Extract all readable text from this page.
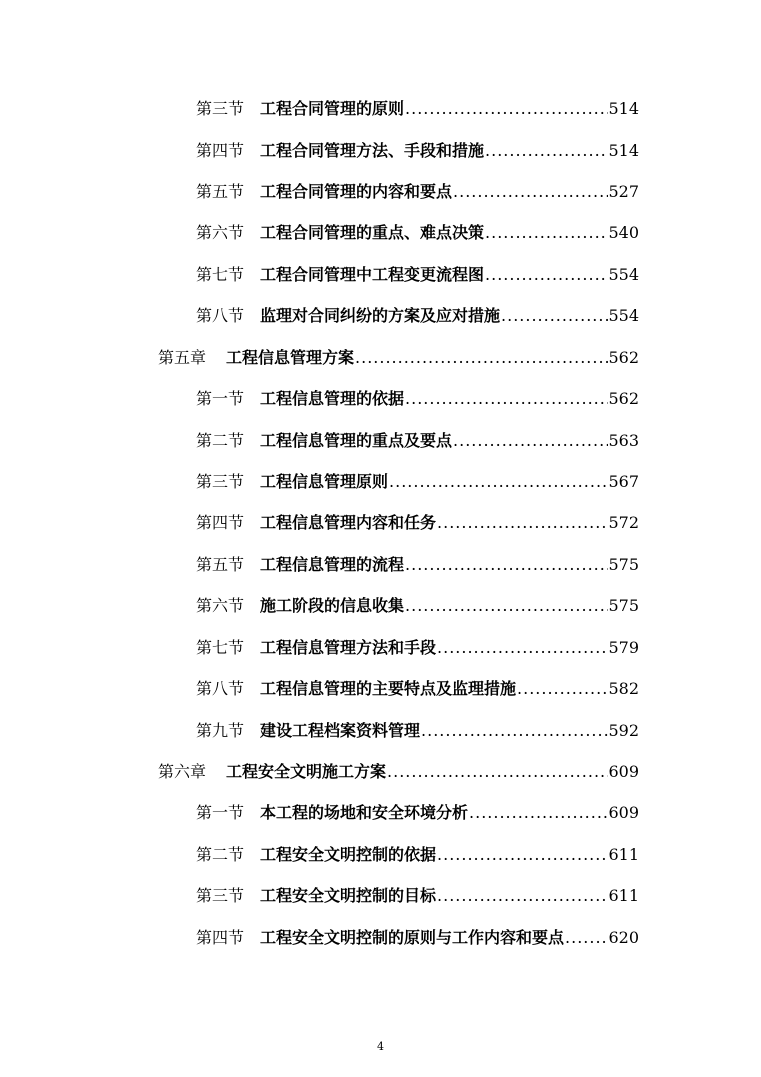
第三节 工程合同管理的原则 .....	514
第四节 工程合同管理方法、手段和措施 .....	514
第五节 工程合同管理的内容和要点 .....	527
第六节 工程合同管理的重点、难点决策 .....	540
第七节 工程合同管理中工程变更流程图 .....	554
第八节 监理对合同纠纷的方案及应对措施 .....	554
第五章	工程信息管理方案 .....	562
第一节 工程信息管理的依据 .....	562
第二节 工程信息管理的重点及要点 .....	563
第三节 工程信息管理原则 .....	567
第四节 工程信息管理内容和任务 .....	572
第五节 工程信息管理的流程 .....	575
第六节 施工阶段的信息收集 .....	575
第七节 工程信息管理方法和手段 .....	579
第八节 工程信息管理的主要特点及监理措施 .....	582
第九节 建设工程档案资料管理 .....	592
第六章	工程安全文明施工方案 .....	609
第一节 本工程的场地和安全环境分析 .....	609
第二节 工程安全文明控制的依据 .....	611
第三节 工程安全文明控制的目标 .....	611
第四节 工程安全文明控制的原则与工作内容和要点 .....	620
4
